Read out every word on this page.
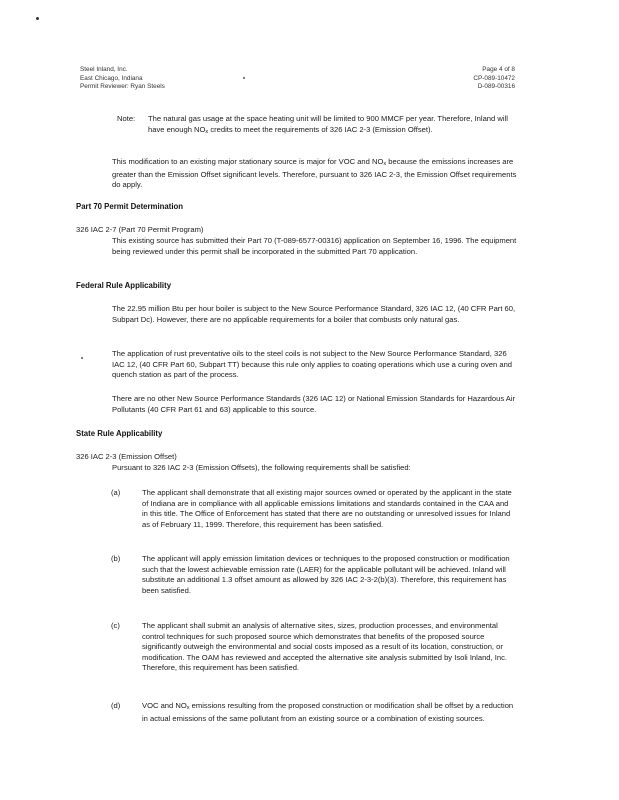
Steel Inland, Inc.
East Chicago, Indiana
Permit Reviewer: Ryan Steels
Page 4 of 8
CP-089-10472
D-089-00316
Note: The natural gas usage at the space heating unit will be limited to 900 MMCF per year. Therefore, Inland will have enough $NO_x$ credits to meet the requirements of 326 IAC 2-3 (Emission Offset).

This modification to an existing major stationary source is major for VOC and $NO_x$ because the emissions increases are greater than the Emission Offset significant levels. Therefore, pursuant to 326 IAC 2-3, the Emission Offset requirements do apply.

Part 70 Permit Determination
326 IAC 2-7 (Part 70 Permit Program)

This existing source has submitted their Part 70 (T-089-6577-00316) application on September 16, 1996. The equipment being reviewed under this permit shall be incorporated in the submitted Part 70 application.

Federal Rule Applicability

The 22.95 million Btu per hour boiler is subject to the New Source Performance Standard, 326 IAC 12, (40 CFR Part 60, Subpart Dc). However, there are no applicable requirements for a boiler that combusts only natural gas.

The application of rust preventative oils to the steel coils is not subject to the New Source Performance Standard, 326 IAC 12, (40 CFR Part 60, Subpart TT) because this rule only applies to coating operations which use a curing oven and quench station as part of the process.

There are no other New Source Performance Standards (326 IAC 12) or National Emission Standards for Hazardous Air Pollutants (40 CFR Part 61 and 63) applicable to this source.

State Rule Applicability
326 IAC 2-3 (Emission Offset)
Pursuant to 326 IAC 2-3 (Emission Offsets), the following requirements shall be satisfied:
(a)	The applicant shall demonstrate that all existing major sources owned or operated by the applicant in the state of Indiana are in compliance with all applicable emissions limitations and standards contained in the CAA and in this title. The Office of Enforcement has stated that there are no outstanding or unresolved issues for Inland as of February 11, 1999. Therefore, this requirement has been satisfied.

(b)	The applicant will apply emission limitation devices or techniques to the proposed construction or modification such that the lowest achievable emission rate (LAER) for the applicable pollutant will be achieved. Inland will substitute an additional 1.3 offset amount as allowed by 326 IAC 2-3-2(b)(3). Therefore, this requirement has been satisfied.

(c)	The applicant shall submit an analysis of alternative sites, sizes, production processes, and environmental control techniques for such proposed source which demonstrates that benefits of the proposed source significantly outweigh the environmental and social costs imposed as a result of its location, construction, or modification. The OAM has reviewed and accepted the alternative site analysis submitted by Isoli Inland, Inc. Therefore, this requirement has been satisfied.

(d)	VOC and $NO_x$ emissions resulting from the proposed construction or modification shall be offset by a reduction in actual emissions of the same pollutant from an existing source or a combination of existing sources.
